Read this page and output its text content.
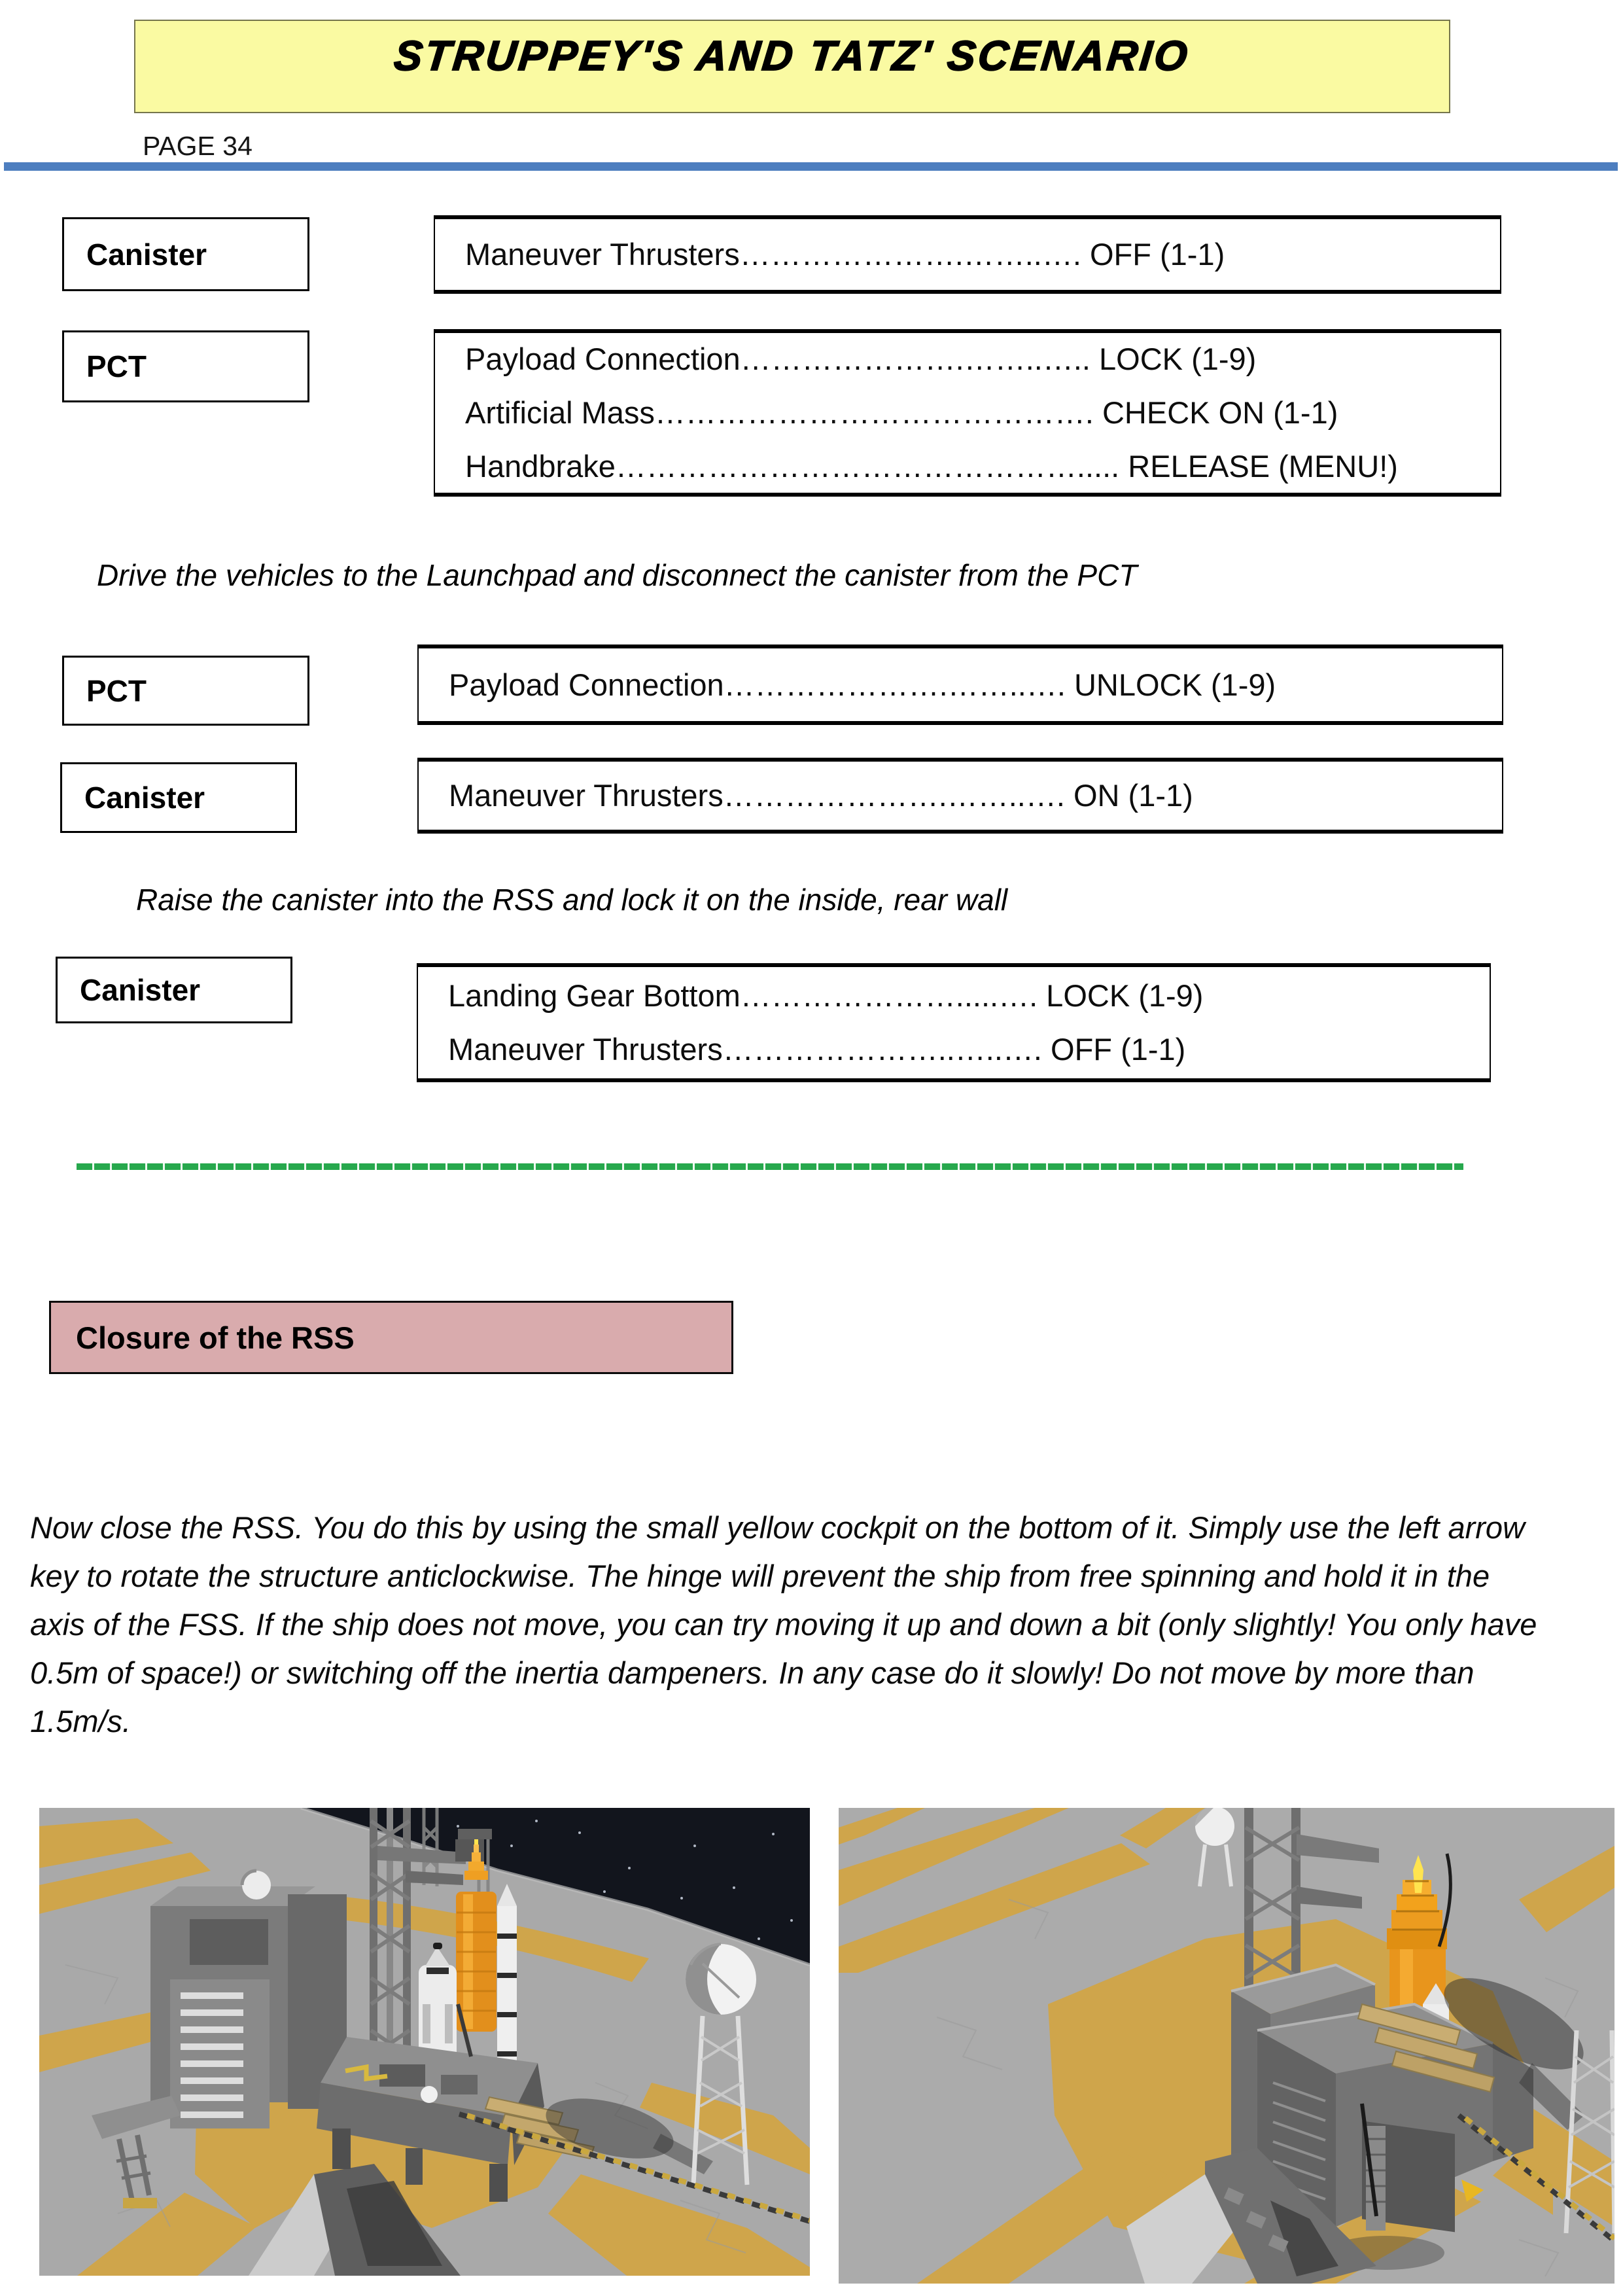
STRUPPEY'S AND TATZ' SCENARIO
PAGE 34
Canister	Maneuver Thrusters………………….……..…. OFF (1-1)
PCT	Payload Connection………………….……..….. LOCK (1-9)
Artificial Mass……………………………………. CHECK ON (1-1)
Handbrake………………………………………..... RELEASE (MENU!)
Drive the vehicles to the Launchpad and disconnect the canister from the PCT
PCT	Payload Connection………………….……..…. UNLOCK (1-9)
Canister	Maneuver Thrusters………………….……..…. ON (1-1)
Raise the canister into the RSS and lock it on the inside, rear wall
Canister	Landing Gear Bottom………………….....…. LOCK (1-9)
Maneuver Thrusters…………………..…..…. OFF (1-1)
Closure of the RSS
Now close the RSS. You do this by using the small yellow cockpit on the bottom of it. Simply use the left arrow key to rotate the structure anticlockwise. The hinge will prevent the ship from free spinning and hold it in the axis of the FSS. If the ship does not move, you can try moving it up and down a bit (only slightly! You only have 0.5m of space!) or switching off the inertia dampeners. In any case do it slowly! Do not move by more than 1.5m/s.
